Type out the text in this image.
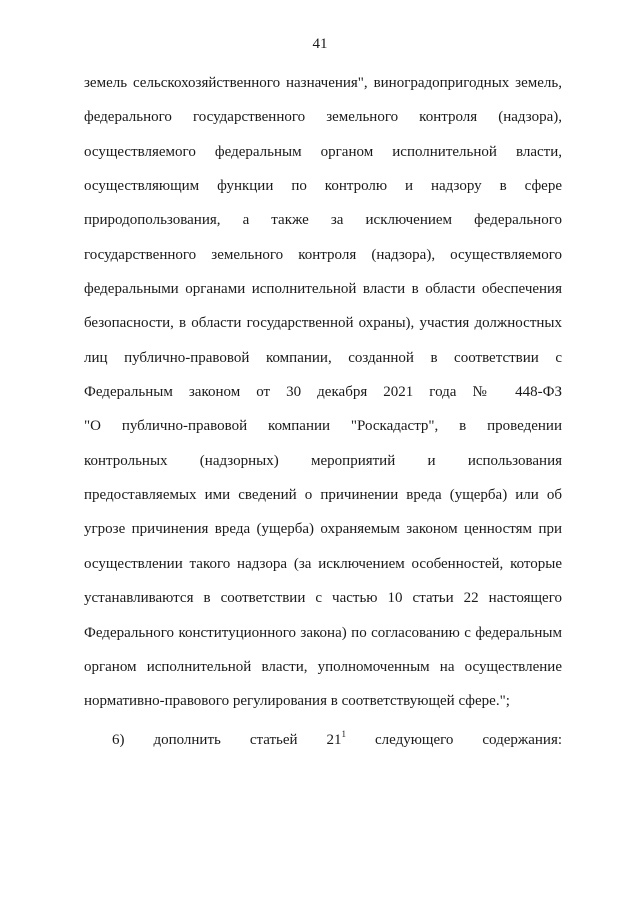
41
земель сельскохозяйственного назначения", виноградопригодных земель,
федерального государственного земельного контроля (надзора),
осуществляемого федеральным органом исполнительной власти,
осуществляющим функции по контролю и надзору в сфере
природопользования, а также за исключением федерального
государственного земельного контроля (надзора), осуществляемого
федеральными органами исполнительной власти в области обеспечения
безопасности, в области государственной охраны), участия должностных
лиц публично-правовой компании, созданной в соответствии с
Федеральным законом от 30 декабря 2021 года № 448-ФЗ
"О публично-правовой компании "Роскадастр", в проведении
контрольных (надзорных) мероприятий и использования
предоставляемых ими сведений о причинении вреда (ущерба) или об
угрозе причинения вреда (ущерба) охраняемым законом ценностям при
осуществлении такого надзора (за исключением особенностей, которые
устанавливаются в соответствии с частью 10 статьи 22 настоящего
Федерального конституционного закона) по согласованию с федеральным
органом исполнительной власти, уполномоченным на осуществление
нормативно-правового регулирования в соответствующей сфере.";
6) дополнить статьей $21^1$ следующего содержания:
